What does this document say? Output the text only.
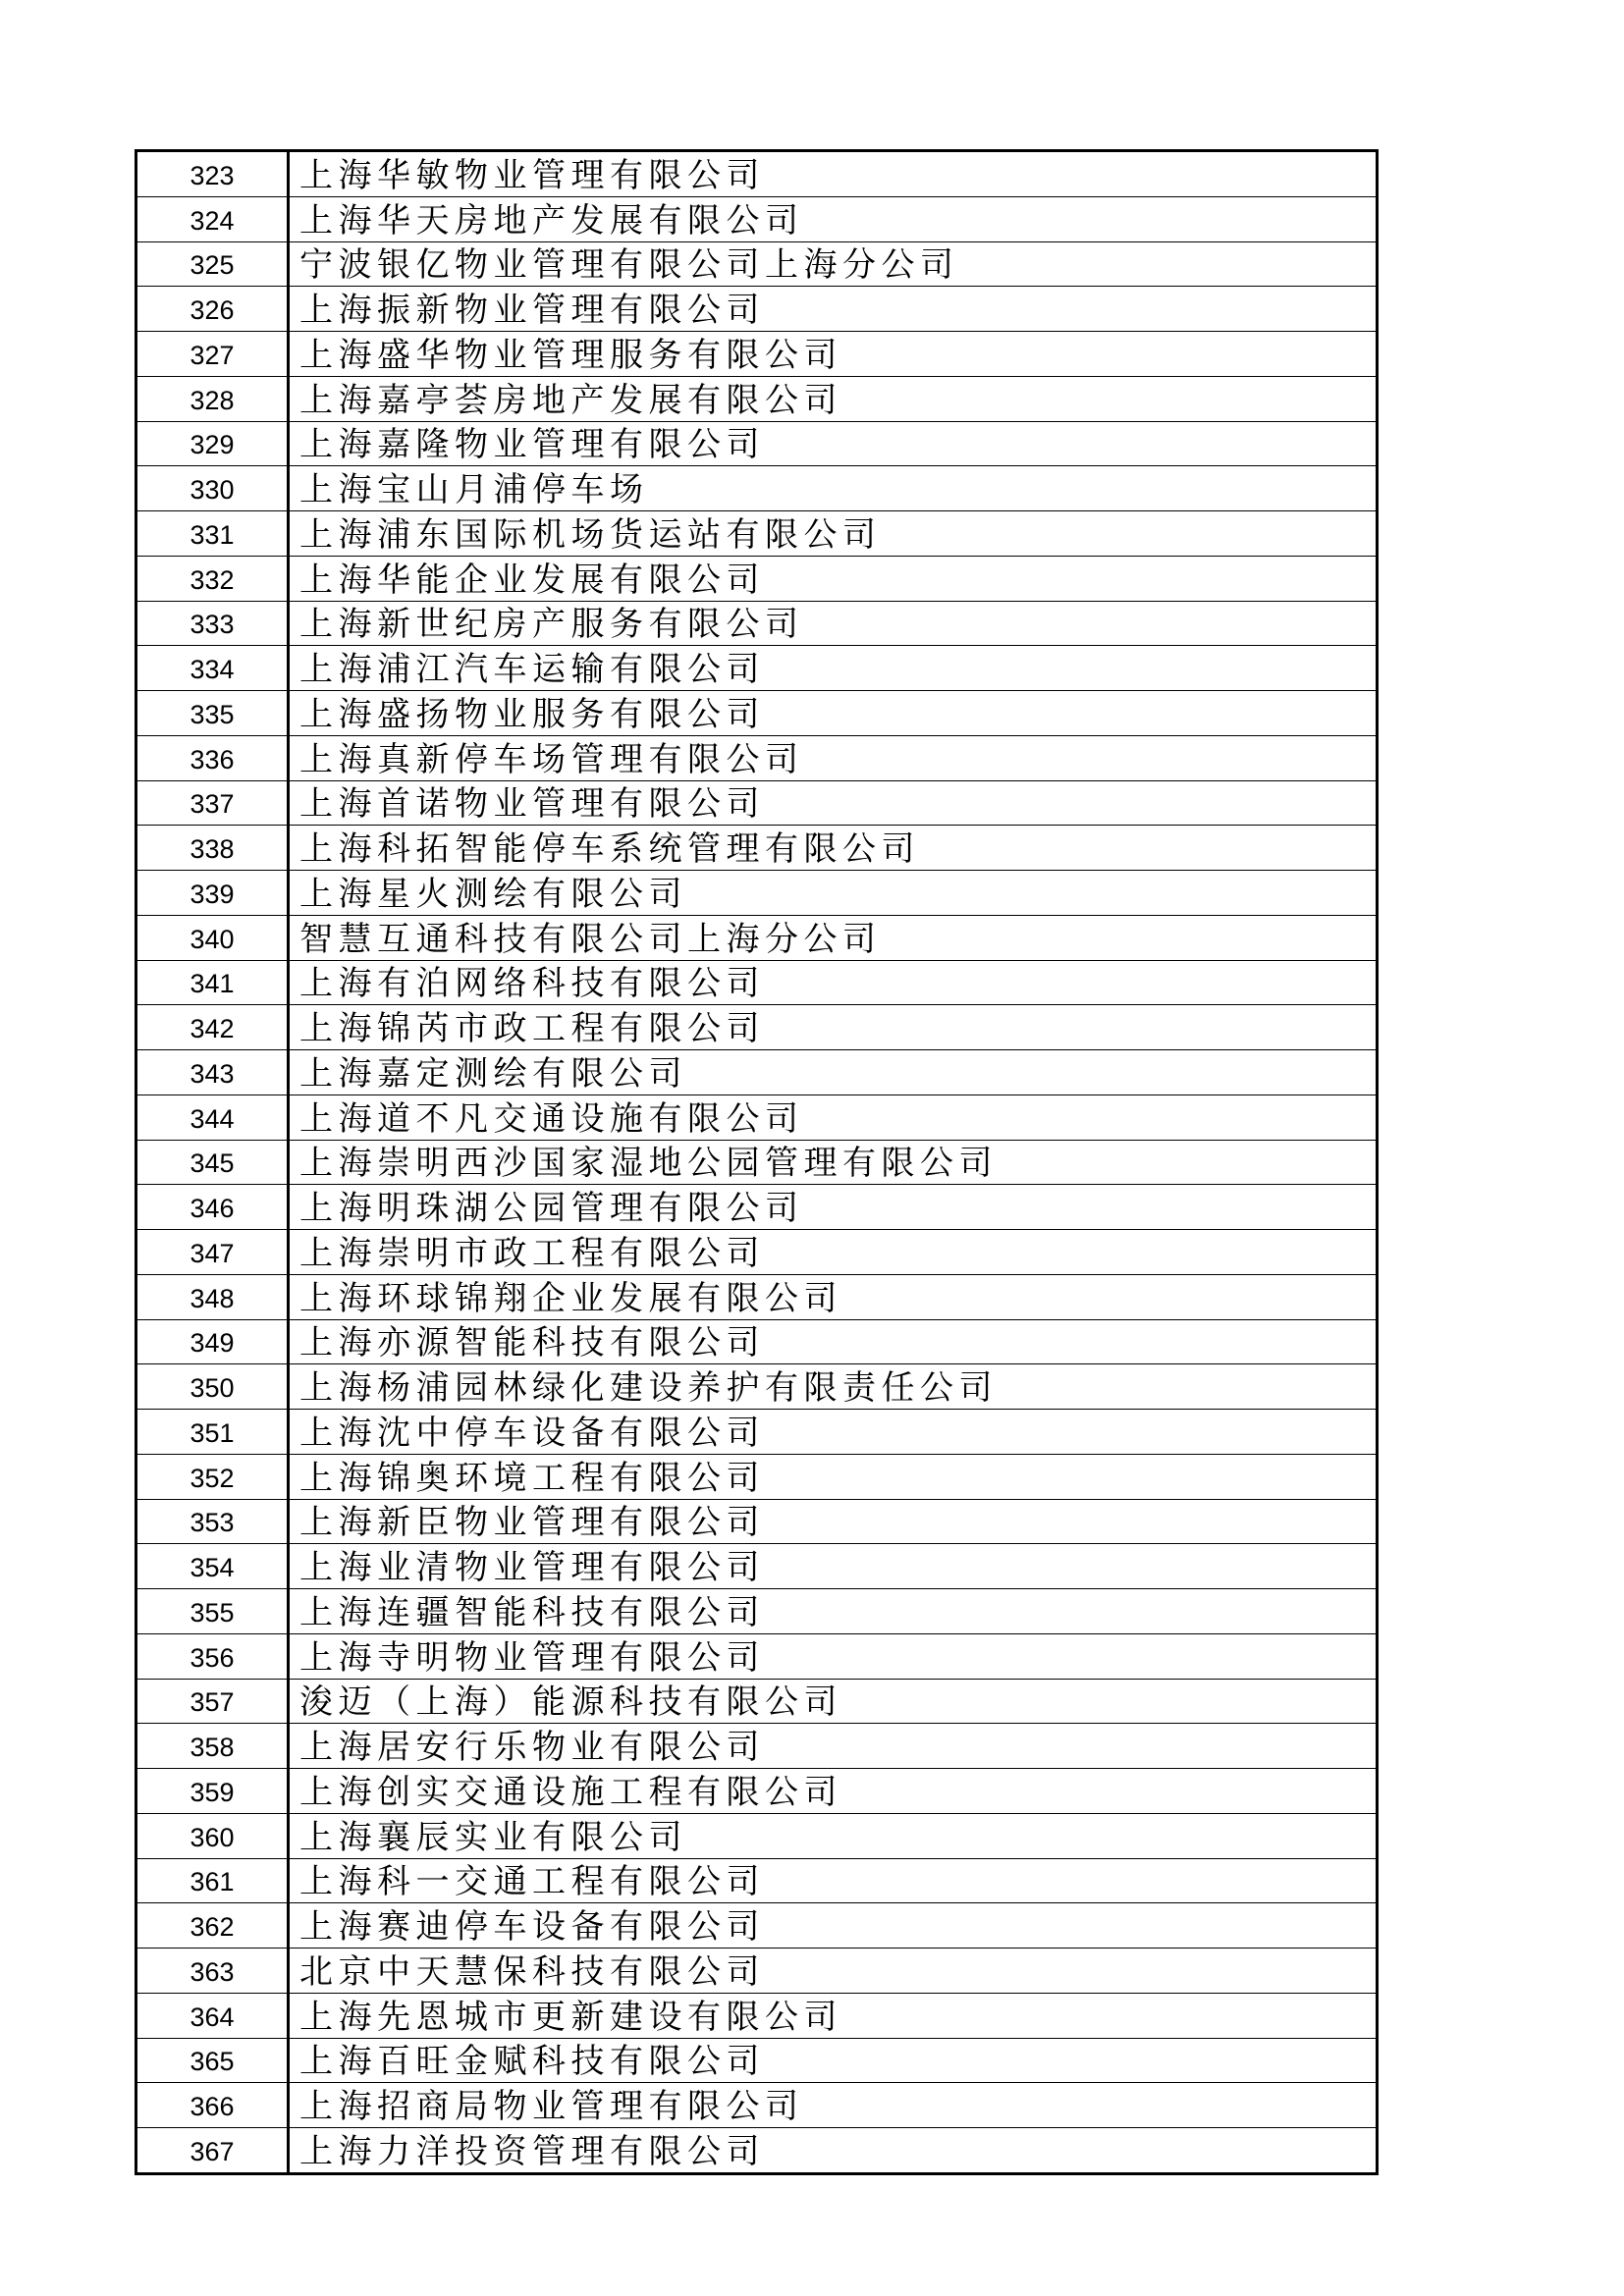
323	上海华敏物业管理有限公司
324	上海华天房地产发展有限公司
325	宁波银亿物业管理有限公司上海分公司
326	上海振新物业管理有限公司
327	上海盛华物业管理服务有限公司
328	上海嘉亭荟房地产发展有限公司
329	上海嘉隆物业管理有限公司
330	上海宝山月浦停车场
331	上海浦东国际机场货运站有限公司
332	上海华能企业发展有限公司
333	上海新世纪房产服务有限公司
334	上海浦江汽车运输有限公司
335	上海盛扬物业服务有限公司
336	上海真新停车场管理有限公司
337	上海首诺物业管理有限公司
338	上海科拓智能停车系统管理有限公司
339	上海星火测绘有限公司
340	智慧互通科技有限公司上海分公司
341	上海有泊网络科技有限公司
342	上海锦芮市政工程有限公司
343	上海嘉定测绘有限公司
344	上海道不凡交通设施有限公司
345	上海崇明西沙国家湿地公园管理有限公司
346	上海明珠湖公园管理有限公司
347	上海崇明市政工程有限公司
348	上海环球锦翔企业发展有限公司
349	上海亦源智能科技有限公司
350	上海杨浦园林绿化建设养护有限责任公司
351	上海沈中停车设备有限公司
352	上海锦奥环境工程有限公司
353	上海新臣物业管理有限公司
354	上海业清物业管理有限公司
355	上海连疆智能科技有限公司
356	上海寺明物业管理有限公司
357	浚迈（上海）能源科技有限公司
358	上海居安行乐物业有限公司
359	上海创实交通设施工程有限公司
360	上海襄辰实业有限公司
361	上海科一交通工程有限公司
362	上海赛迪停车设备有限公司
363	北京中天慧保科技有限公司
364	上海先恩城市更新建设有限公司
365	上海百旺金赋科技有限公司
366	上海招商局物业管理有限公司
367	上海力洋投资管理有限公司
